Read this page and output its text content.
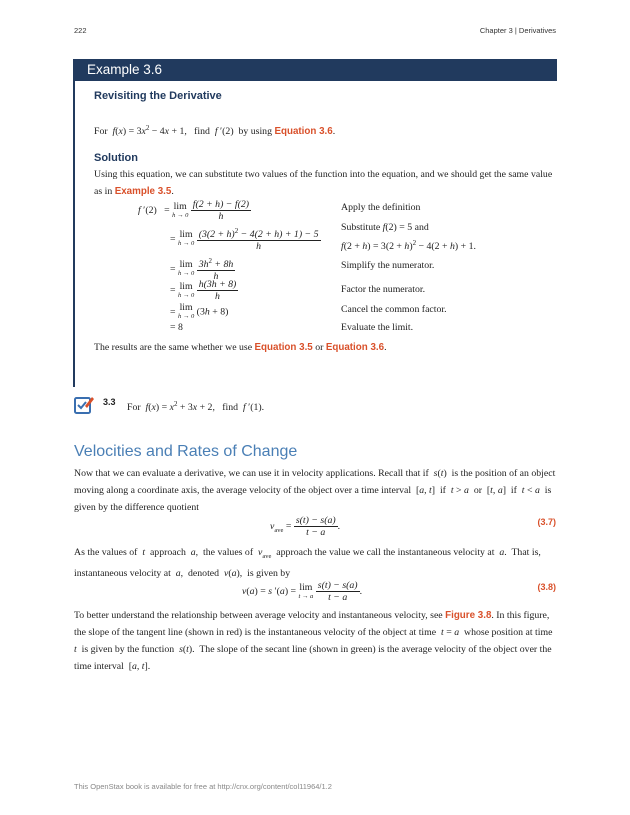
222	Chapter 3 | Derivatives
Example 3.6
Revisiting the Derivative
For $f(x) = 3x^2 - 4x + 1$,   find f ′(2)  by using Equation 3.6.
Solution
Using this equation, we can substitute two values of the function into the equation, and we should get the same value as in Example 3.5.
f ′(2)   = lim
h → 0
$\frac{f(2 + h) - f(2)}{h}$	Apply the definition
= lim
h → 0
$\frac{(3(2 + h)^2 - 4(2 + h) + 1) - 5}{h}$ Substitute f(2) = 5 and
$f(2 + h) = 3(2 + h)^2 - 4(2 + h) + 1$.
= lim
h → 0
$\frac{3h^2 + 8h}{h}$	Simplify the numerator.
= lim
h → 0
$\frac{h(3h + 8)}{h}$	Factor the numerator.
= lim
h → 0 (3h + 8)	Cancel the common factor.
= 8	Evaluate the limit.
The results are the same whether we use Equation 3.5 or Equation 3.6.
3.3 For $f(x) = x^2 + 3x + 2$,   find f ′(1).
Velocities and Rates of Change
Now that we can evaluate a derivative, we can use it in velocity applications. Recall that if s(t)  is the position of an object moving along a coordinate axis, the average velocity of the object over a time interval  [a, t]  if t > a or  [t, a]  if t < a is given by the difference quotient
$v_{ave} = \frac{s(t) - s(a)}{t - a}$ .	(3.7)
As the values of t approach a,  the values of $v_{ave}$ approach the value we call the instantaneous velocity at a.  That is, instantaneous velocity at a,  denoted v(a),  is given by
v(a) = s ′(a) = lim
t → a
$\frac{s(t) - s(a)}{t - a}$ .	(3.8)
To better understand the relationship between average velocity and instantaneous velocity, see Figure 3.8. In this figure, the slope of the tangent line (shown in red) is the instantaneous velocity of the object at time t = a whose position at time  t is given by the function s(t).  The slope of the secant line (shown in green) is the average velocity of the object over the time interval  [a, t].
This OpenStax book is available for free at http://cnx.org/content/col11964/1.2
